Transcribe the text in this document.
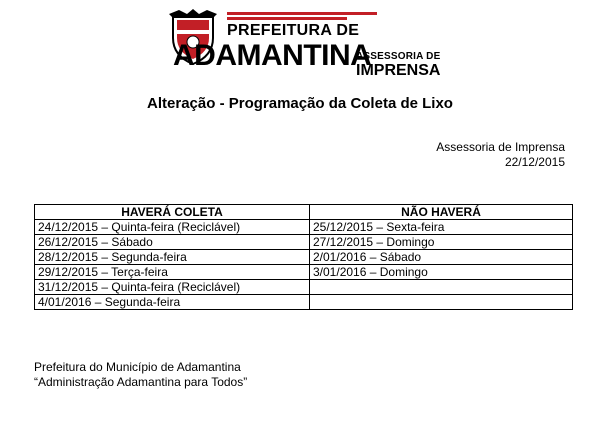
PREFEITURA DE
ADAMANTINA
ASSESSORIA DE
IMPRENSA
Alteração - Programação da Coleta de Lixo
Assessoria de Imprensa
22/12/2015
HAVERÁ COLETA	NÃO HAVERÁ
24/12/2015 – Quinta-feira (Reciclável)	25/12/2015 – Sexta-feira
26/12/2015 – Sábado	27/12/2015 – Domingo
28/12/2015 – Segunda-feira	2/01/2016 – Sábado
29/12/2015 – Terça-feira	3/01/2016 – Domingo
31/12/2015 – Quinta-feira (Reciclável)	
4/01/2016 – Segunda-feira	
Prefeitura do Município de Adamantina
“Administração Adamantina para Todos”
